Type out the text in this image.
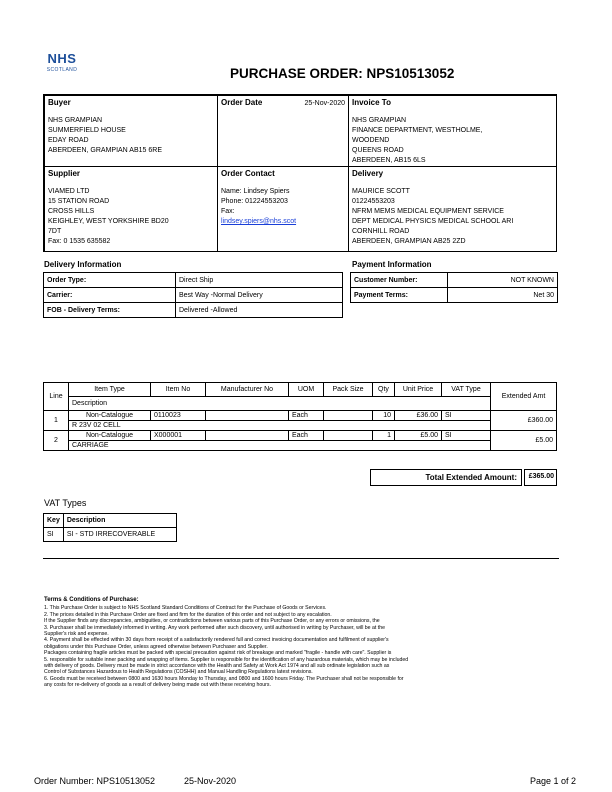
NHS
SCOTLAND	PURCHASE ORDER: NPS10513052
Buyer
NHS GRAMPIAN
SUMMERFIELD HOUSE
EDAY ROAD
ABERDEEN, GRAMPIAN AB15 6RE
Order Date	25-Nov-2020 Invoice To
NHS GRAMPIAN
FINANCE DEPARTMENT, WESTHOLME,
WOODEND
QUEENS ROAD
ABERDEEN, AB15 6LS
Supplier
VIAMED LTD
15 STATION ROAD
CROSS HILLS
KEIGHLEY, WEST YORKSHIRE BD20
7DT
Fax: 0 1535 635582
Order Contact
Name: Lindsey Spiers
Phone: 01224553203
Fax:
lindsey.spiers@nhs.scot
Delivery
MAURICE SCOTT
01224553203
NFRM MEMS MEDICAL EQUIPMENT SERVICE
DEPT MEDICAL PHYSICS MEDICAL SCHOOL ARI
CORNHILL ROAD
ABERDEEN, GRAMPIAN AB25 2ZD
Delivery Information
Order Type:	Direct Ship
Carrier:	Best Way -Normal Delivery
FOB - Delivery Terms:	Delivered -Allowed
Payment Information
Customer Number:	NOT KNOWN
Payment Terms:	Net 30
Line	Item Type	Item No	Manufacturer No	UOM	Pack Size	Qty	Unit Price	VAT Type	Extended Amt
	Description								
1	Non-Catalogue	0110023		Each		10	£36.00	SI	£360.00
	R 23V 02 CELL								
2	Non-Catalogue	X000001		Each		1	£5.00	SI	£5.00
	CARRIAGE								
Total Extended Amount: £365.00
VAT Types
Key	Description
SI	SI - STD IRRECOVERABLE
Terms & Conditions of Purchase:
1. This Purchase Order is subject to NHS Scotland Standard Conditions of Contract for the Purchase of Goods or Services.
2. The prices detailed in this Purchase Order are fixed and firm for the duration of this order and not subject to any escalation.
If the Supplier finds any discrepancies, ambiguities, or contradictions between various parts of this Purchase Order, or any errors or omissions, the
3. Purchaser shall be immediately informed in writing. Any work performed after such discovery, until authorised in writing by Purchaser, will be at the
Supplier's risk and expense.
4. Payment shall be effected within 30 days from receipt of a satisfactorily rendered full and correct invoicing documentation and fulfilment of supplier's
obligations under this Purchase Order, unless agreed otherwise between Purchaser and Supplier.
Packages containing fragile articles must be packed with special precaution against risk of breakage and marked "fragile - handle with care". Supplier is
5. responsible for suitable inner packing and wrapping of items. Supplier is responsible for the identification of any hazardous materials, which may be included
with delivery of goods. Delivery must be made in strict accordance with the Health and Safety at Work Act 1974 and all sub ordinate legislation such as
Control of Substances Hazardous to Health Regulations (COSHH) and Manual Handling Regulations latest revisions.
6. Goods must be received between 0800 and 1630 hours Monday to Thursday, and 0800 and 1600 hours Friday. The Purchaser shall not be responsible for
any costs for re-delivery of goods as a result of delivery being made out with these receiving hours.
Order Number: NPS10513052	25-Nov-2020	Page 1 of 2
